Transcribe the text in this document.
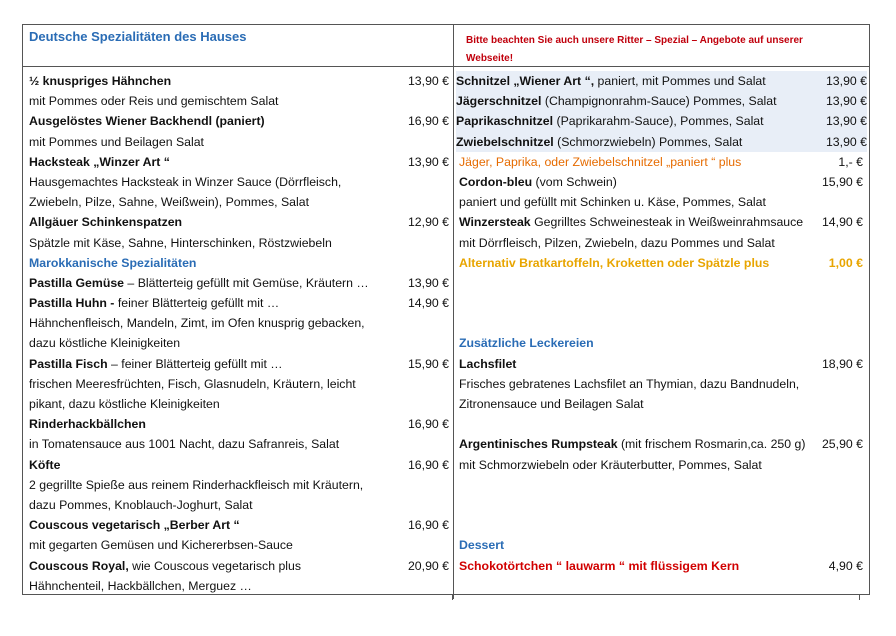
Deutsche Spezialitäten des Hauses	Bitte beachten Sie auch unsere Ritter – Spezial – Angebote auf unserer Webseite!
½ knuspriges Hähnchen	13,90 €
mit Pommes oder Reis und gemischtem Salat
Ausgelöstes Wiener Backhendl (paniert)	16,90 €
mit Pommes und Beilagen Salat
Hacksteak „Winzer Art “	13,90 €
Hausgemachtes Hacksteak in Winzer Sauce (Dörrfleisch,
Zwiebeln, Pilze, Sahne, Weißwein), Pommes, Salat
Allgäuer Schinkenspatzen	12,90 €
Spätzle mit Käse, Sahne, Hinterschinken, Röstzwiebeln
Marokkanische Spezialitäten
Pastilla Gemüse – Blätterteig gefüllt mit Gemüse, Kräutern …	13,90 €
Pastilla Huhn - feiner Blätterteig gefüllt mit …	14,90 €
Hähnchenfleisch, Mandeln, Zimt, im Ofen knusprig gebacken,
dazu köstliche Kleinigkeiten
Pastilla Fisch – feiner Blätterteig gefüllt mit …	15,90 €
frischen Meeresfrüchten, Fisch, Glasnudeln, Kräutern, leicht
pikant, dazu köstliche Kleinigkeiten
Rinderhackbällchen	16,90 €
in Tomatensauce aus 1001 Nacht, dazu Safranreis, Salat
Köfte	16,90 €
2 gegrillte Spieße aus reinem Rinderhackfleisch mit Kräutern,
dazu Pommes, Knoblauch-Joghurt, Salat
Couscous vegetarisch „Berber Art “	16,90 €
mit gegarten Gemüsen und Kichererbsen-Sauce
Couscous Royal, wie Couscous vegetarisch plus	20,90 €
Hähnchenteil, Hackbällchen, Merguez …
Schnitzel „Wiener Art “, paniert, mit Pommes und Salat	13,90 €
Jägerschnitzel (Champignonrahm-Sauce) Pommes, Salat	13,90 €
Paprikaschnitzel (Paprikarahm-Sauce), Pommes, Salat	13,90 €
Zwiebelschnitzel (Schmorzwiebeln) Pommes, Salat	13,90 €
Jäger, Paprika, oder Zwiebelschnitzel „paniert “ plus	1,- €
Cordon-bleu (vom Schwein)	15,90 €
paniert und gefüllt mit Schinken u. Käse, Pommes, Salat
Winzersteak Gegrilltes Schweinesteak in Weißweinrahmsauce 14,90 €
mit Dörrfleisch, Pilzen, Zwiebeln, dazu Pommes und Salat
Alternativ Bratkartoffeln, Kroketten oder Spätzle plus	1,00 €
Zusätzliche Leckereien
Lachsfilet	18,90 €
Frisches gebratenes Lachsfilet an Thymian, dazu Bandnudeln,
Zitronensauce und Beilagen Salat
Argentinisches Rumpsteak (mit frischem Rosmarin,ca. 250 g) 25,90 €
mit Schmorzwiebeln oder Kräuterbutter, Pommes, Salat
Dessert
Schokotörtchen “ lauwarm “ mit flüssigem Kern	4,90 €
